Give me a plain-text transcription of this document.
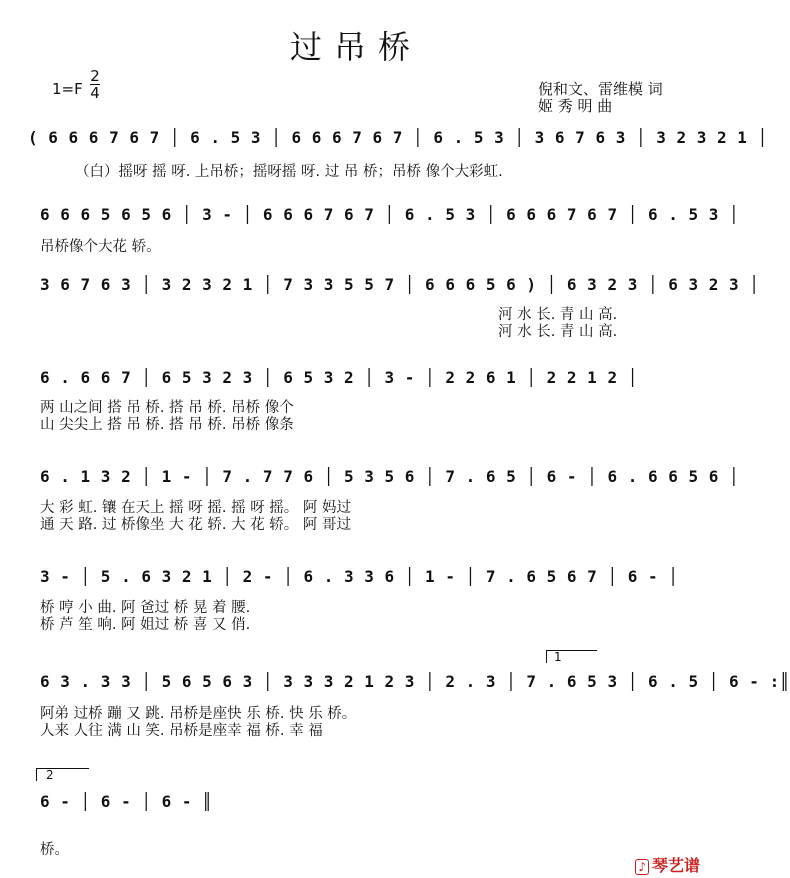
过吊桥
1=F
2
4	倪和文、雷维模 词
姬 秀 明 曲
( 6 6 6 7 6 7 │ 6 . 5 3 │ 6 6 6 7 6 7 │ 6 . 5 3 │ 3 6 7 6 3 │ 3 2 3 2 1 │
（白）摇呀 摇 呀. 上吊桥；摇呀摇 呀. 过 吊 桥；吊桥 像个大彩虹.
6 6 6 5 6 5 6 │ 3 - │ 6 6 6 7 6 7 │ 6 . 5 3 │ 6 6 6 7 6 7 │ 6 . 5 3 │
吊桥像个大花 轿。
3 6 7 6 3 │ 3 2 3 2 1 │ 7 3 3 5 5 7 │ 6 6 6 5 6 ) │ 6 3 2 3 │ 6 3 2 3 │
河 水 长. 青 山 高.
河 水 长. 青 山 高.
6 . 6 6 7 │ 6 5 3 2 3 │ 6 5 3 2 │ 3 - │ 2 2 6 1 │ 2 2 1 2 │
两 山之间 搭 吊 桥. 搭 吊 桥. 吊桥 像个
山 尖尖上 搭 吊 桥. 搭 吊 桥. 吊桥 像条
6 . 1 3 2 │ 1 - │ 7 . 7 7 6 │ 5 3 5 6 │ 7 . 6 5 │ 6 - │ 6 . 6 6 5 6 │
大 彩 虹. 镶 在天上 摇 呀 摇. 摇 呀 摇。 阿 妈过
通 天 路. 过 桥像坐 大 花 轿. 大 花 轿。 阿 哥过
3 - │ 5 . 6 3 2 1 │ 2 - │ 6 . 3 3 6 │ 1 - │ 7 . 6 5 6 7 │ 6 - │
桥 哼 小 曲. 阿 爸过 桥 晃 着 腰.
桥 芦 笙 响. 阿 姐过 桥 喜 又 俏.
1
6 3 . 3 3 │ 5 6 5 6 3 │ 3 3 3 2 1 2 3 │ 2 . 3 │ 7 . 6 5 3 │ 6 . 5 │ 6 - :║
阿弟 过桥 蹦 又 跳. 吊桥是座快 乐 桥. 快 乐 桥。
人来 人往 满 山 笑. 吊桥是座幸 福 桥. 幸 福
2
6 - │ 6 - │ 6 - ║
桥。
♪ 琴艺谱
